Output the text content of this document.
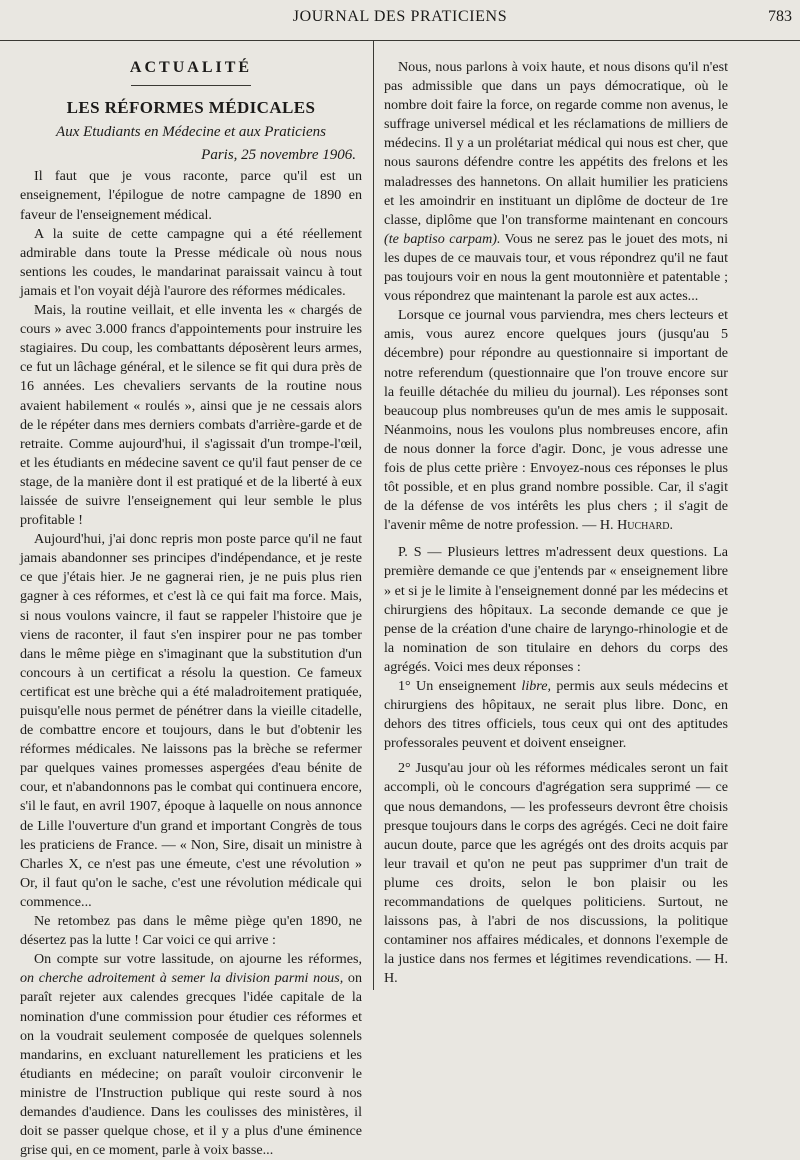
JOURNAL DES PRATICIENS	783
ACTUALITÉ
LES RÉFORMES MÉDICALES
Aux Etudiants en Médecine et aux Praticiens
Paris, 25 novembre 1906.

Il faut que je vous raconte, parce qu'il est un enseignement, l'épilogue de notre campagne de 1890 en faveur de l'enseignement médical.

A la suite de cette campagne qui a été réellement admirable dans toute la Presse médicale où nous nous sentions les coudes, le mandarinat paraissait vaincu à tout jamais et l'on voyait déjà l'aurore des réformes médicales.

Mais, la routine veillait, et elle inventa les « chargés de cours » avec 3.000 francs d'appointements pour instruire les stagiaires. Du coup, les combattants déposèrent leurs armes, ce fut un lâchage général, et le silence se fit qui dura près de 16 années. Les chevaliers servants de la routine nous avaient habilement « roulés », ainsi que je ne cessais alors de le répéter dans mes derniers combats d'arrière-garde et de retraite. Comme aujourd'hui, il s'agissait d'un trompe-l'œil, et les étudiants en médecine savent ce qu'il faut penser de ce stage, de la manière dont il est pratiqué et de la liberté à eux laissée de suivre l'enseignement qui leur semble le plus profitable !

Aujourd'hui, j'ai donc repris mon poste parce qu'il ne faut jamais abandonner ses principes d'indépendance, et je reste ce que j'étais hier. Je ne gagnerai rien, je ne puis plus rien gagner à ces réformes, et c'est là ce qui fait ma force. Mais, si nous voulons vaincre, il faut se rappeler l'histoire que je viens de raconter, il faut s'en inspirer pour ne pas tomber dans le même piège en s'imaginant que la substitution d'un concours à un certificat a résolu la question. Ce fameux certificat est une brèche qui a été maladroitement pratiquée, puisqu'elle nous permet de pénétrer dans la vieille citadelle, de combattre encore et toujours, dans le but d'obtenir les réformes médicales. Ne laissons pas la brèche se refermer par quelques vaines promesses aspergées d'eau bénite de cour, et n'abandonnons pas le combat qui continuera encore, s'il le faut, en avril 1907, époque à laquelle on nous annonce de Lille l'ouverture d'un grand et important Congrès de tous les praticiens de France. — « Non, Sire, disait un ministre à Charles X, ce n'est pas une émeute, c'est une révolution » Or, il faut qu'on le sache, c'est une révolution médicale qui commence...

Ne retombez pas dans le même piège qu'en 1890, ne désertez pas la lutte ! Car voici ce qui arrive :

On compte sur votre lassitude, on ajourne les réformes, on cherche adroitement à semer la division parmi nous, on paraît rejeter aux calendes grecques l'idée capitale de la nomination d'une commission pour étudier ces réformes et on la voudrait seulement composée de quelques solennels mandarins, en excluant naturellement les praticiens et les étudiants en médecine; on paraît vouloir circonvenir le ministre de l'Instruction publique qui reste sourd à nos demandes d'audience. Dans les coulisses des ministères, il doit se passer quelque chose, et il y a plus d'une éminence grise qui, en ce moment, parle à voix basse...

Nous, nous parlons à voix haute, et nous disons qu'il n'est pas admissible que dans un pays démocratique, où le nombre doit faire la force, on regarde comme non avenus, le suffrage universel médical et les réclamations de milliers de médecins. Il y a un prolétariat médical qui nous est cher, que nous saurons défendre contre les appétits des frelons et les maladresses des hannetons. On allait humilier les praticiens et les amoindrir en instituant un diplôme de docteur de 1re classe, diplôme que l'on transforme maintenant en concours (te baptiso carpam). Vous ne serez pas le jouet des mots, ni les dupes de ce mauvais tour, et vous répondrez qu'il ne faut pas toujours voir en nous la gent moutonnière et patentable ; vous répondrez que maintenant la parole est aux actes...

Lorsque ce journal vous parviendra, mes chers lecteurs et amis, vous aurez encore quelques jours (jusqu'au 5 décembre) pour répondre au questionnaire si important de notre referendum (questionnaire que l'on trouve encore sur la feuille détachée du milieu du journal). Les réponses sont beaucoup plus nombreuses qu'un de mes amis le supposait. Néanmoins, nous les voulons plus nombreuses encore, afin de nous donner la force d'agir. Donc, je vous adresse une fois de plus cette prière : Envoyez-nous ces réponses le plus tôt possible, et en plus grand nombre possible. Car, il s'agit de la défense de vos intérêts les plus chers ; il s'agit de l'avenir même de notre profession. — H. Huchard.

P. S — Plusieurs lettres m'adressent deux questions. La première demande ce que j'entends par « enseignement libre » et si je le limite à l'enseignement donné par les médecins et chirurgiens des hôpitaux. La seconde demande ce que je pense de la création d'une chaire de laryngo-rhinologie et de la nomination de son titulaire en dehors du corps des agrégés. Voici mes deux réponses :

1° Un enseignement libre, permis aux seuls médecins et chirurgiens des hôpitaux, ne serait plus libre. Donc, en dehors des titres officiels, tous ceux qui ont des aptitudes professorales peuvent et doivent enseigner.

2° Jusqu'au jour où les réformes médicales seront un fait accompli, où le concours d'agrégation sera supprimé — ce que nous demandons, — les professeurs devront être choisis presque toujours dans le corps des agrégés. Ceci ne doit faire aucun doute, parce que les agrégés ont des droits acquis par leur travail et qu'on ne peut pas supprimer d'un trait de plume ces droits, selon le bon plaisir ou les recommandations de quelques politiciens. Surtout, ne laissons pas, à l'abri de nos discussions, la politique contaminer nos affaires médicales, et donnons l'exemple de la justice dans nos fermes et légitimes revendications. — H. H.
